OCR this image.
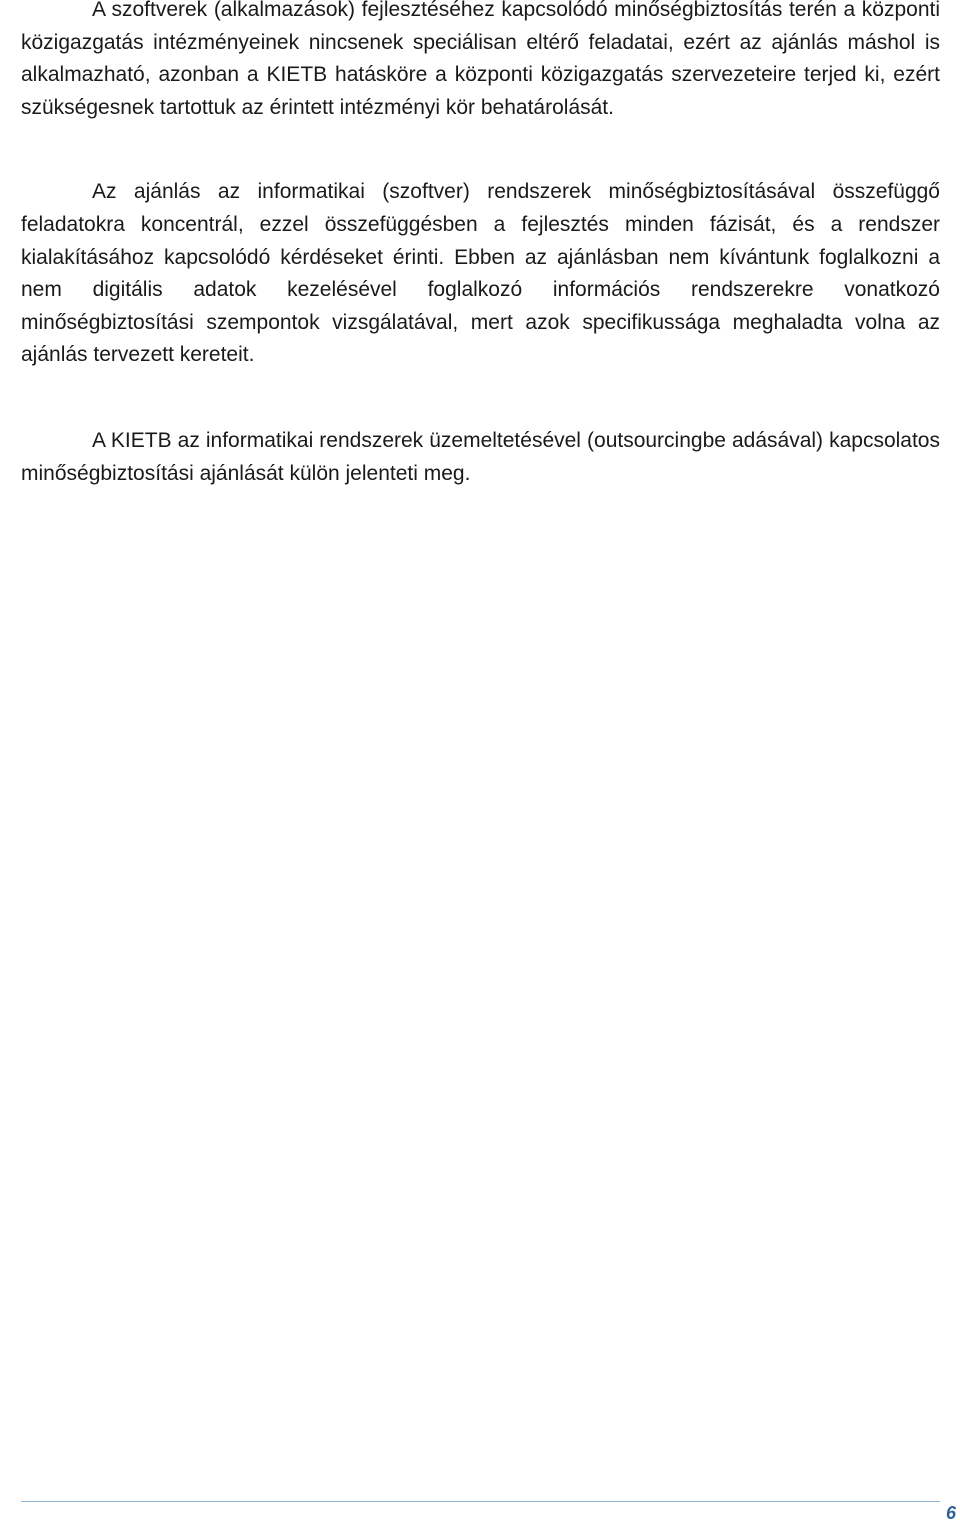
A szoftverek (alkalmazások) fejlesztéséhez kapcsolódó minőségbiztosítás terén a központi közigazgatás intézményeinek nincsenek speciálisan eltérő feladatai, ezért az ajánlás máshol is alkalmazható, azonban a KIETB hatásköre a központi közigazgatás szervezeteire terjed ki, ezért szükségesnek tartottuk az érintett intézményi kör behatárolását.

Az ajánlás az informatikai (szoftver) rendszerek minőségbiztosításával összefüggő feladatokra koncentrál, ezzel összefüggésben a fejlesztés minden fázisát, és a rendszer kialakításához kapcsolódó kérdéseket érinti. Ebben az ajánlásban nem kívántunk foglalkozni a nem digitális adatok kezelésével foglalkozó információs rendszerekre vonatkozó minőségbiztosítási szempontok vizsgálatával, mert azok specifikussága meghaladta volna az ajánlás tervezett kereteit.

A KIETB az informatikai rendszerek üzemeltetésével (outsourcingbe adásával) kapcsolatos minőségbiztosítási ajánlását külön jelenteti meg.

6
